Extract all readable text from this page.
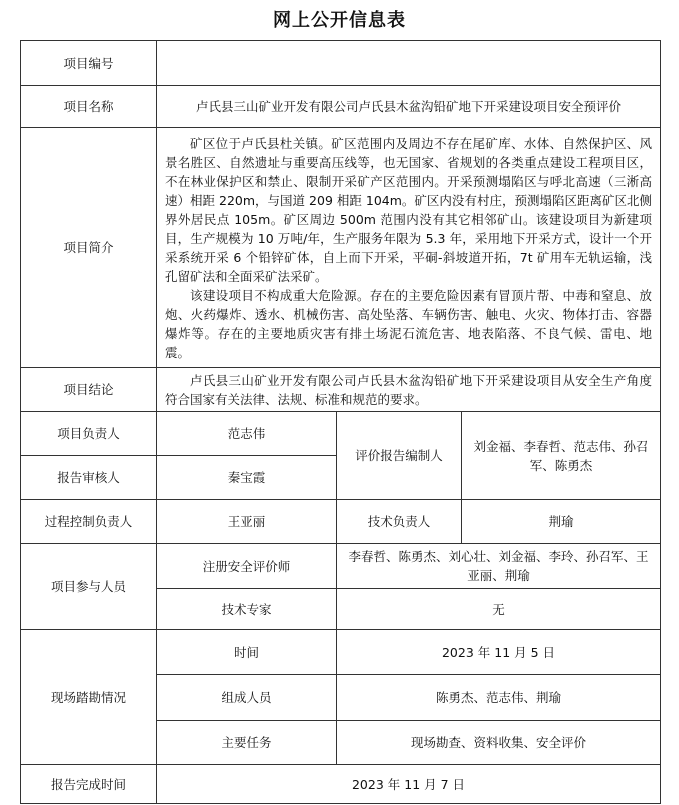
网上公开信息表
项目编号			
项目名称	卢氏县三山矿业开发有限公司卢氏县木盆沟铅矿地下开采建设项目安全预评价		
项目简介	矿区位于卢氏县杜关镇。矿区范围内及周边不存在尾矿库、水体、自然保护区、风景名胜区、自然遗址与重要高压线等，也无国家、省规划的各类重点建设工程项目区，不在林业保护区和禁止、限制开采矿产区范围内。开采预测塌陷区与呼北高速（三淅高速）相距 220m，与国道 209 相距 104m。矿区内没有村庄，预测塌陷区距离矿区北侧界外居民点 105m。矿区周边 500m 范围内没有其它相邻矿山。该建设项目为新建项目，生产规模为 10 万吨/年，生产服务年限为 5.3 年，采用地下开采方式，设计一个开采系统开采 6 个铅锌矿体，自上而下开采，平硐-斜坡道开拓，7t 矿用车无轨运输，浅孔留矿法和全面采矿法采矿。

该建设项目不构成重大危险源。存在的主要危险因素有冒顶片帮、中毒和窒息、放炮、火药爆炸、透水、机械伤害、高处坠落、车辆伤害、触电、火灾、物体打击、容器爆炸等。存在的主要地质灾害有排土场泥石流危害、地表陷落、不良气候、雷电、地震。		

项目结论	卢氏县三山矿业开发有限公司卢氏县木盆沟铅矿地下开采建设项目从安全生产角度符合国家有关法律、法规、标准和规范的要求。		

项目负责人	范志伟	评价报告编制人	刘金福、李春哲、范志伟、孙召军、陈勇杰
报告审核人	秦宝霞		
过程控制负责人	王亚丽	技术负责人	荆瑜
项目参与人员	注册安全评价师	李春哲、陈勇杰、刘心壮、刘金福、李玲、孙召军、王亚丽、荆瑜	
	技术专家	无	
现场踏勘情况	时间	2023 年 11 月 5 日	
	组成人员	陈勇杰、范志伟、荆瑜	
	主要任务	现场勘查、资料收集、安全评价	
报告完成时间	2023 年 11 月 7 日		
